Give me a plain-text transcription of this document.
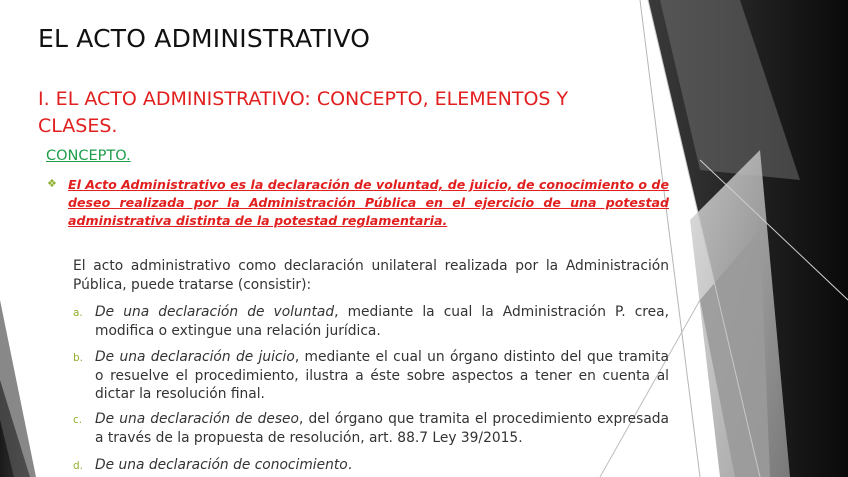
EL ACTO ADMINISTRATIVO
I. EL ACTO ADMINISTRATIVO: CONCEPTO, ELEMENTOS Y CLASES.
CONCEPTO.
❖ El Acto Administrativo es la declaración de voluntad, de juicio, de conocimiento o de deseo realizada por la Administración Pública en el ejercicio de una potestad administrativa distinta de la potestad reglamentaria.
El acto administrativo como declaración unilateral realizada por la Administración Pública, puede tratarse (consistir):
a. De una declaración de voluntad, mediante la cual la Administración P. crea, modifica o extingue una relación jurídica.
b. De una declaración de juicio, mediante el cual un órgano distinto del que tramita o resuelve el procedimiento, ilustra a éste sobre aspectos a tener en cuenta al dictar la resolución final.
c. De una declaración de deseo, del órgano que tramita el procedimiento expresada a través de la propuesta de resolución, art. 88.7 Ley 39/2015.
d. De una declaración de conocimiento.
